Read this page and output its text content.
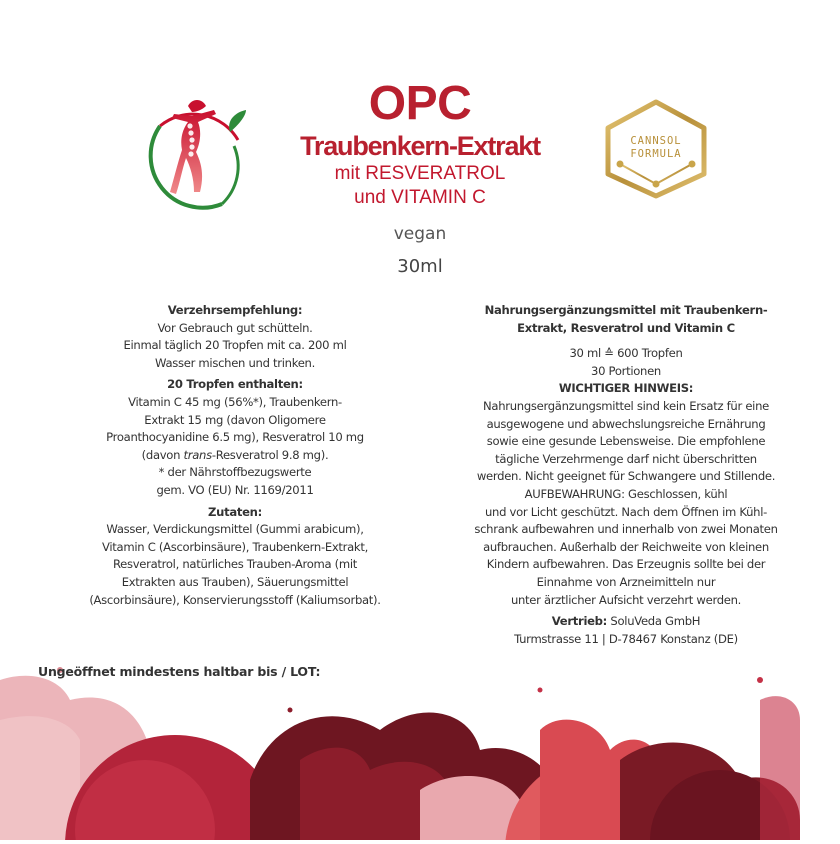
OPC
Traubenkern-Extrakt
mit RESVERATROL
und VITAMIN C
CANNSOL
FORMULA
vegan
30ml
Verzehrsempfehlung:
Vor Gebrauch gut schütteln.
Einmal täglich 20 Tropfen mit ca. 200 ml
Wasser mischen und trinken.
20 Tropfen enthalten:
Vitamin C 45 mg (56%*), Traubenkern-
Extrakt 15 mg (davon Oligomere
Proanthocyanidine 6.5 mg), Resveratrol 10 mg
(davon trans-Resveratrol 9.8 mg).
* der Nährstoffbezugswerte
gem. VO (EU) Nr. 1169/2011
Zutaten:
Wasser, Verdickungsmittel (Gummi arabicum),
Vitamin C (Ascorbinsäure), Traubenkern-Extrakt,
Resveratrol, natürliches Trauben-Aroma (mit
Extrakten aus Trauben), Säuerungsmittel
(Ascorbinsäure), Konservierungsstoff (Kaliumsorbat).
Ungeöffnet mindestens haltbar bis / LOT:
Nahrungsergänzungsmittel mit Traubenkern-
Extrakt, Resveratrol und Vitamin C
30 ml ≙ 600 Tropfen
30 Portionen
WICHTIGER HINWEIS:
Nahrungsergänzungsmittel sind kein Ersatz für eine
ausgewogene und abwechslungsreiche Ernährung
sowie eine gesunde Lebensweise. Die empfohlene
tägliche Verzehrmenge darf nicht überschritten
werden. Nicht geeignet für Schwangere und Stillende.
AUFBEWAHRUNG: Geschlossen, kühl
und vor Licht geschützt. Nach dem Öffnen im Kühl-
schrank aufbewahren und innerhalb von zwei Monaten
aufbrauchen. Außerhalb der Reichweite von kleinen
Kindern aufbewahren. Das Erzeugnis sollte bei der
Einnahme von Arzneimitteln nur
unter ärztlicher Aufsicht verzehrt werden.
Vertrieb: SoluVeda GmbH
Turmstrasse 11 | D-78467 Konstanz (DE)
